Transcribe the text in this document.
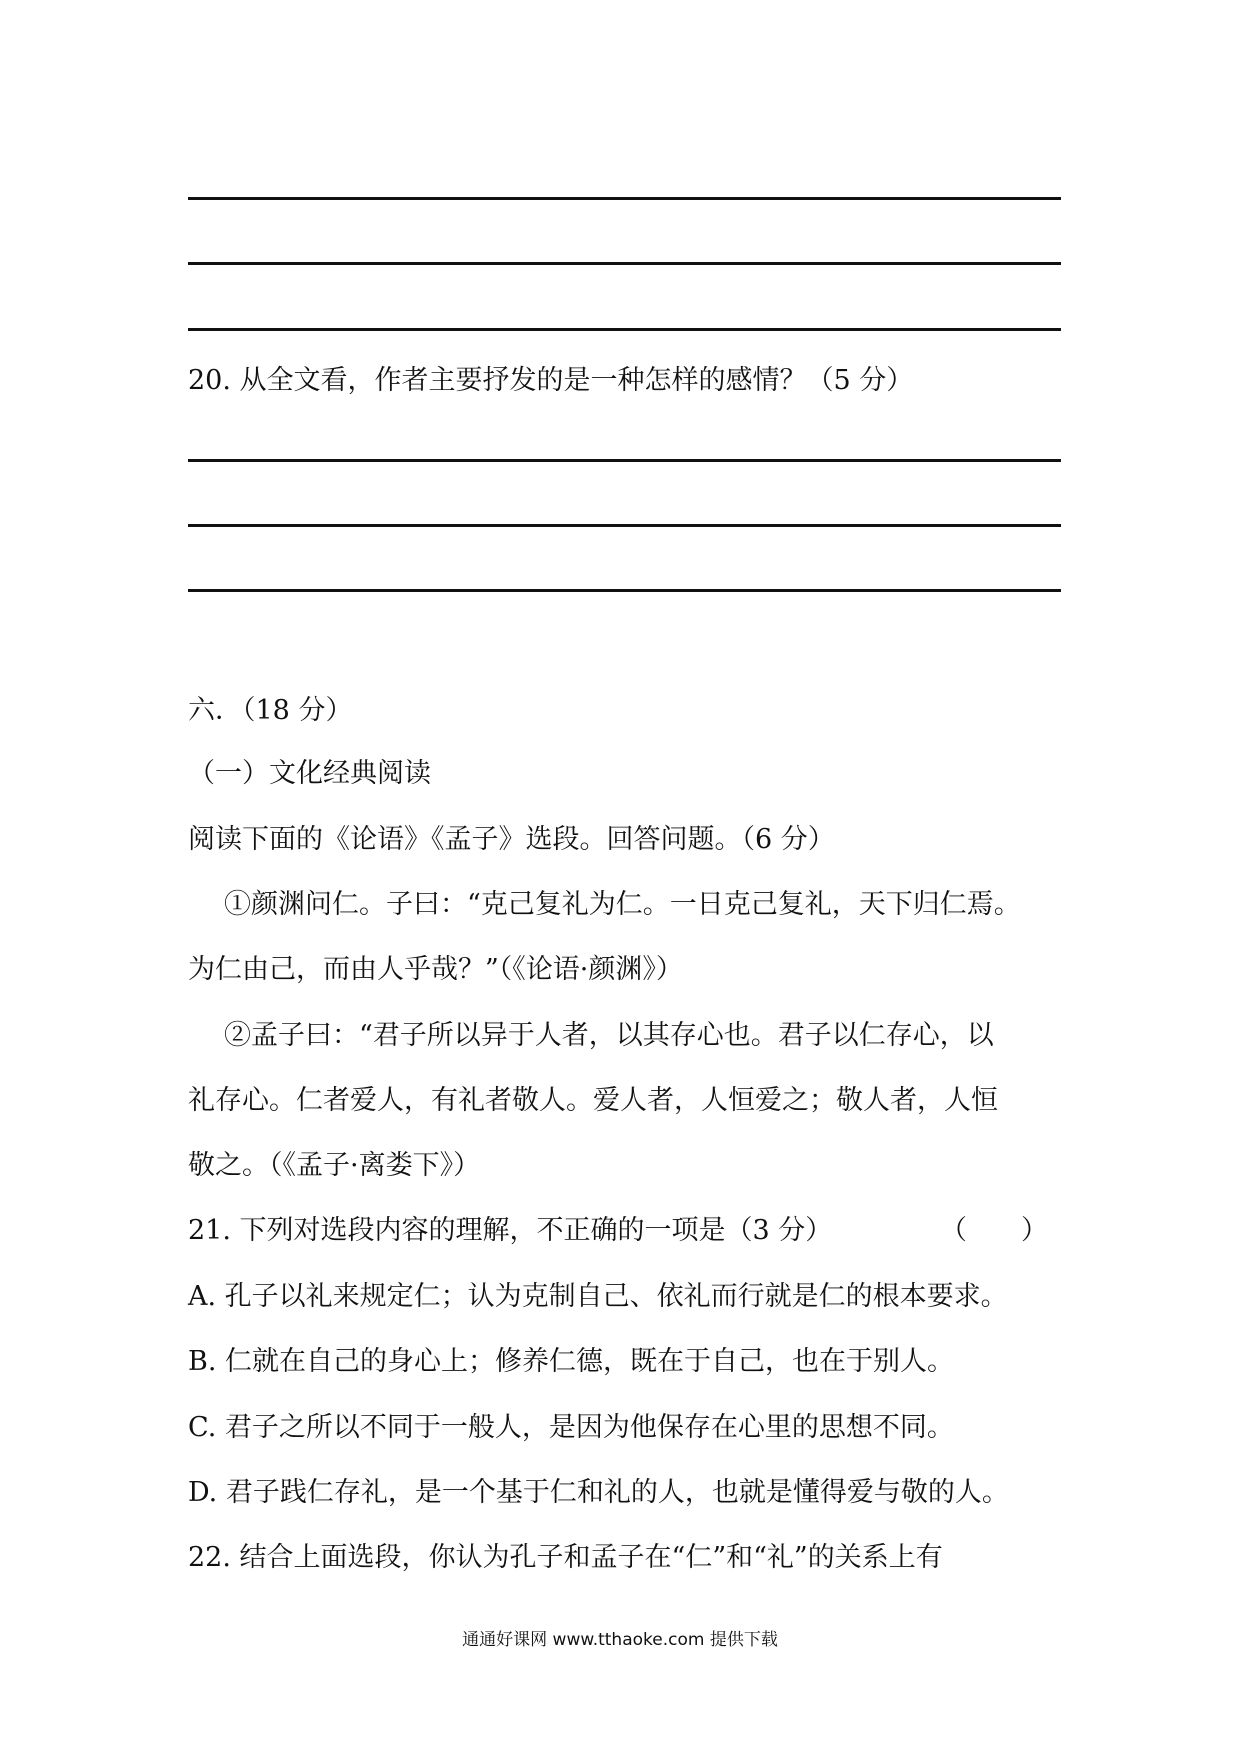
20. 从全文看，作者主要抒发的是一种怎样的感情？（5 分）
六．（18 分）
（一）文化经典阅读
阅读下面的《论语》《孟子》选段。回答问题。（6 分）
①颜渊问仁。子曰：“克己复礼为仁。一日克己复礼，天下归仁焉。
为仁由己，而由人乎哉？”（《论语·颜渊》）
②孟子曰：“君子所以异于人者，以其存心也。君子以仁存心，以
礼存心。仁者爱人，有礼者敬人。爱人者，人恒爱之；敬人者，人恒
敬之。（《孟子·离娄下》）
21. 下列对选段内容的理解，不正确的一项是（3 分）	（　　）
A. 孔子以礼来规定仁；认为克制自己、依礼而行就是仁的根本要求。
B. 仁就在自己的身心上；修养仁德，既在于自己，也在于别人。
C. 君子之所以不同于一般人，是因为他保存在心里的思想不同。
D. 君子践仁存礼，是一个基于仁和礼的人，也就是懂得爱与敬的人。
22. 结合上面选段，你认为孔子和孟子在“仁”和“礼”的关系上有
通通好课网 www.tthaoke.com 提供下载
